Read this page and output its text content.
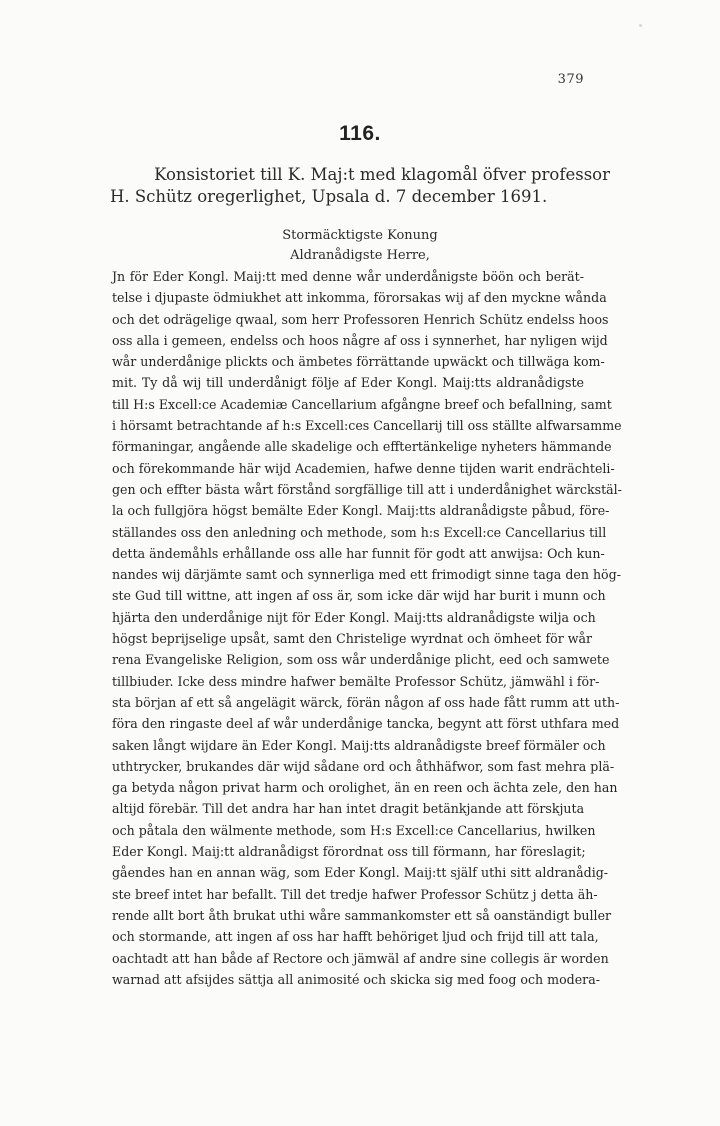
379
116.
Konsistoriet till K. Maj:t med klagomål öfver professor
H. Schütz oregerlighet, Upsala d. 7 december 1691.
Stormäcktigste Konung
Aldranådigste Herre,
Jn för Eder Kongl. Maij:tt med denne wår underdånigste böön och berät-
telse i djupaste ödmiukhet att inkomma, förorsakas wij af den myckne wånda
och det odrägelige qwaal, som herr Professoren Henrich Schütz endelss hoos
oss alla i gemeen, endelss och hoos någre af oss i synnerhet, har nyligen wijd
wår underdånige plickts och ämbetes förrättande upwäckt och tillwäga kom-
mit. Ty då wij till underdånigt följe af Eder Kongl. Maij:tts aldranådigste
till H:s Excell:ce Academiæ Cancellarium afgångne breef och befallning, samt
i hörsamt betrachtande af h:s Excell:ces Cancellarij till oss ställte alfwarsamme
förmaningar, angående alle skadelige och efftertänkelige nyheters hämmande
och förekommande här wijd Academien, hafwe denne tijden warit endrächteli-
gen och effter bästa wårt förstånd sorgfällige till att i underdånighet wärckstäl-
la och fullgjöra högst bemälte Eder Kongl. Maij:tts aldranådigste påbud, före-
ställandes oss den anledning och methode, som h:s Excell:ce Cancellarius till
detta ändemåhls erhållande oss alle har funnit för godt att anwijsa: Och kun-
nandes wij därjämte samt och synnerliga med ett frimodigt sinne taga den hög-
ste Gud till wittne, att ingen af oss är, som icke där wijd har burit i munn och
hjärta den underdånige nijt för Eder Kongl. Maij:tts aldranådigste wilja och
högst beprijselige upsåt, samt den Christelige wyrdnat och ömheet för wår
rena Evangeliske Religion, som oss wår underdånige plicht, eed och samwete
tillbiuder. Icke dess mindre hafwer bemälte Professor Schütz, jämwähl i för-
sta början af ett så angelägit wärck, förän någon af oss hade fått rumm att uth-
föra den ringaste deel af wår underdånige tancka, begynt att först uthfara med
saken långt wijdare än Eder Kongl. Maij:tts aldranådigste breef förmäler och
uthtrycker, brukandes där wijd sådane ord och åthhäfwor, som fast mehra plä-
ga betyda någon privat harm och orolighet, än en reen och ächta zele, den han
altijd förebär. Till det andra har han intet dragit betänkjande att förskjuta
och påtala den wälmente methode, som H:s Excell:ce Cancellarius, hwilken
Eder Kongl. Maij:tt aldranådigst förordnat oss till förmann, har föreslagit;
gåendes han en annan wäg, som Eder Kongl. Maij:tt själf uthi sitt aldranådig-
ste breef intet har befallt. Till det tredje hafwer Professor Schütz j detta äh-
rende allt bort åth brukat uthi wåre sammankomster ett så oanständigt buller
och stormande, att ingen af oss har hafft behöriget ljud och frijd till att tala,
oachtadt att han både af Rectore och jämwäl af andre sine collegis är worden
warnad att afsijdes sättja all animosité och skicka sig med foog och modera-
